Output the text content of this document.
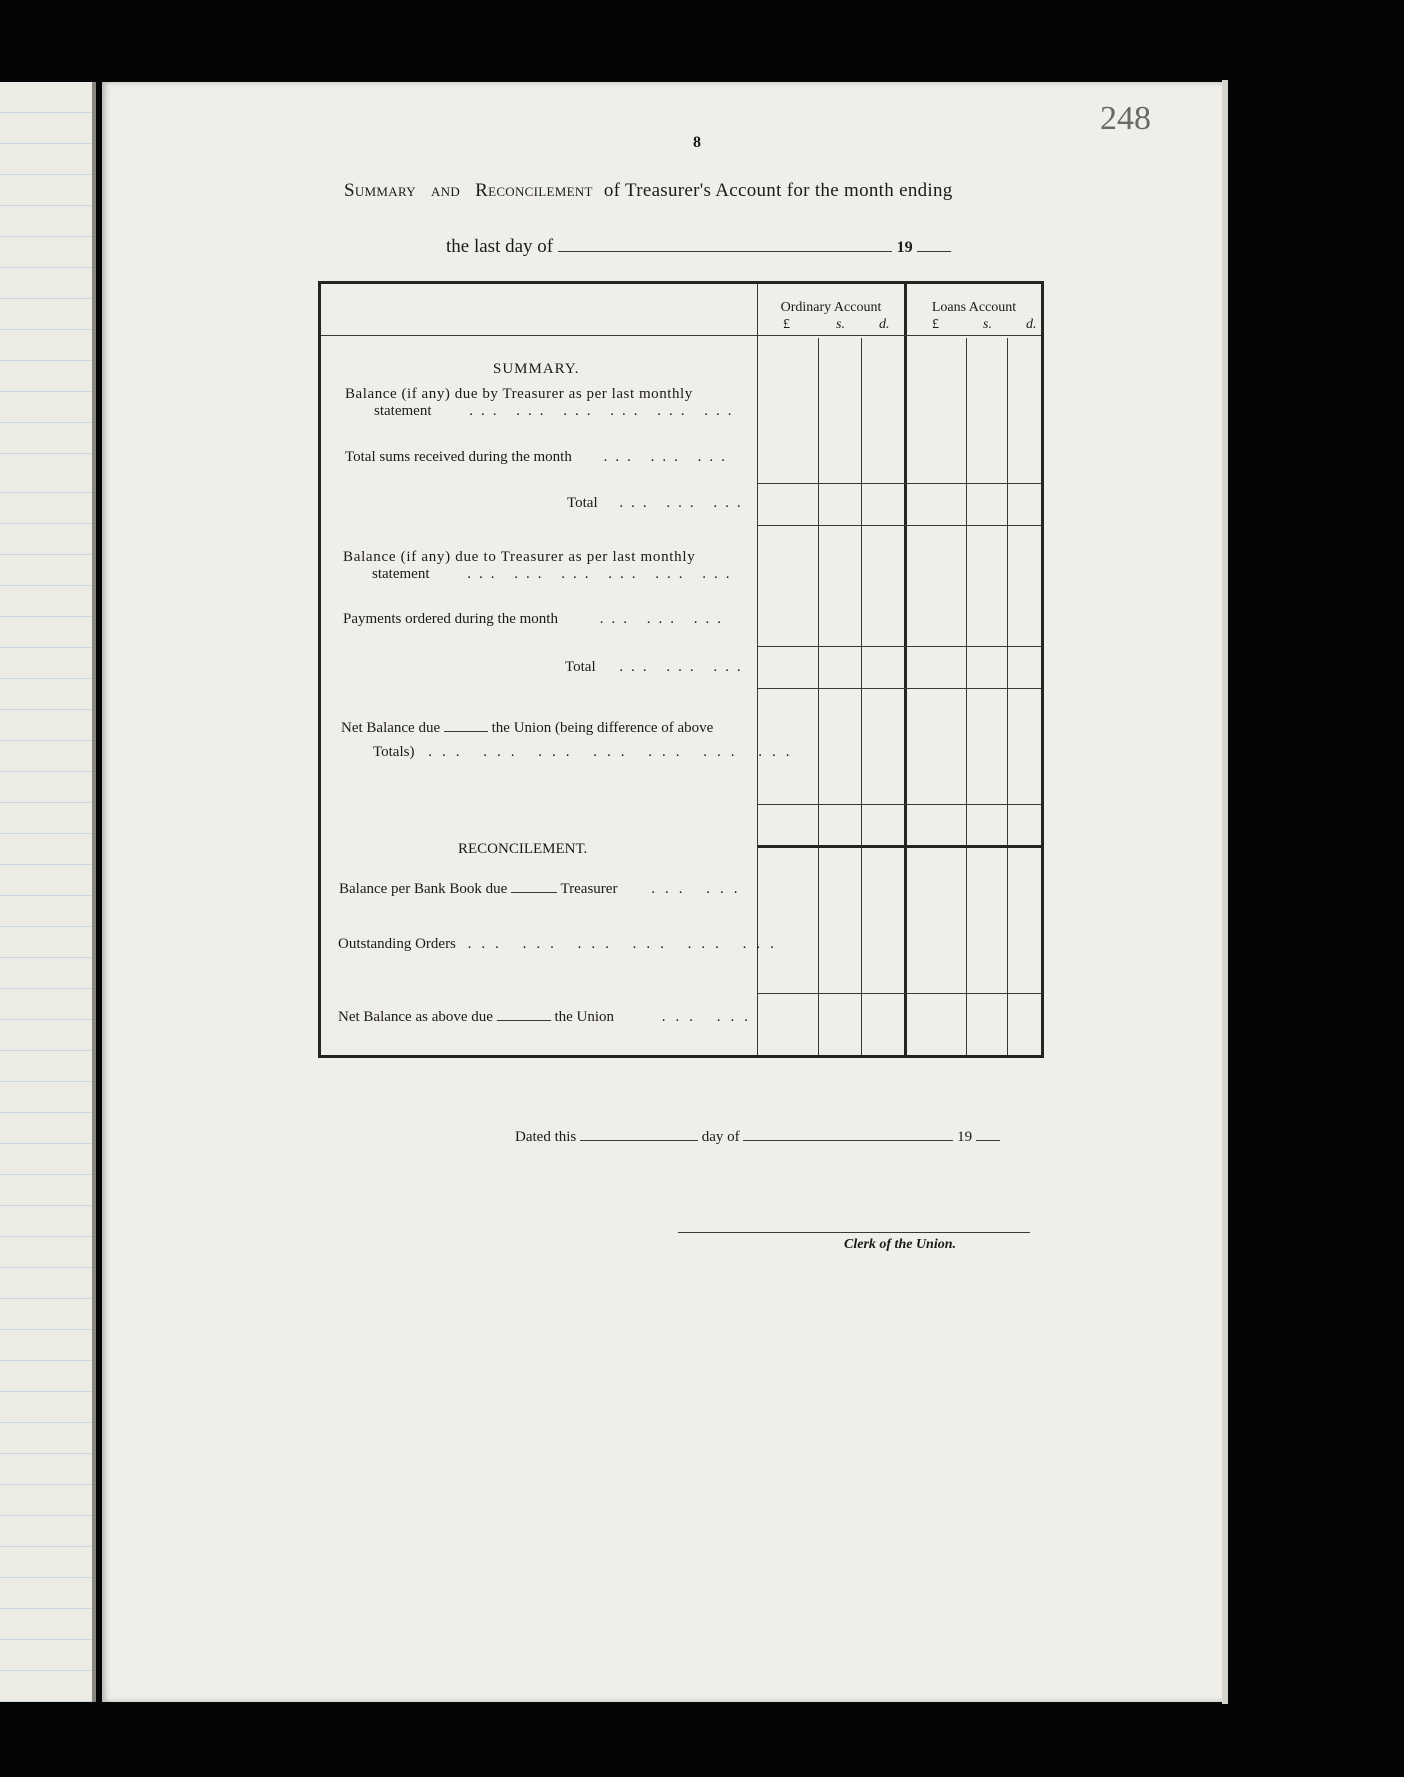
248
8
Summary and Reconcilement of Treasurer's Account for the month ending
the last day of	19
Ordinary Account	Loans Account
£	s. d.	£	s. d.
SUMMARY.
Balance (if any) due by Treasurer as per last monthly
statement	... ... ... ... ... ...
Total sums received during the month ... ... ...
Total ... ... ...
Balance (if any) due to Treasurer as per last monthly
statement	... ... ... ... ... ...
Payments ordered during the month	... ... ...
Total ... ... ...
Net Balance due	the Union (being difference of above
Totals) ... ... ... ... ... ... ...
RECONCILEMENT.
Balance per Bank Book due	Treasurer ... ...
Outstanding Orders ... ... ... ... ... ...
Net Balance as above due	the Union	... ...
Dated this	day of	19
Clerk of the Union.
